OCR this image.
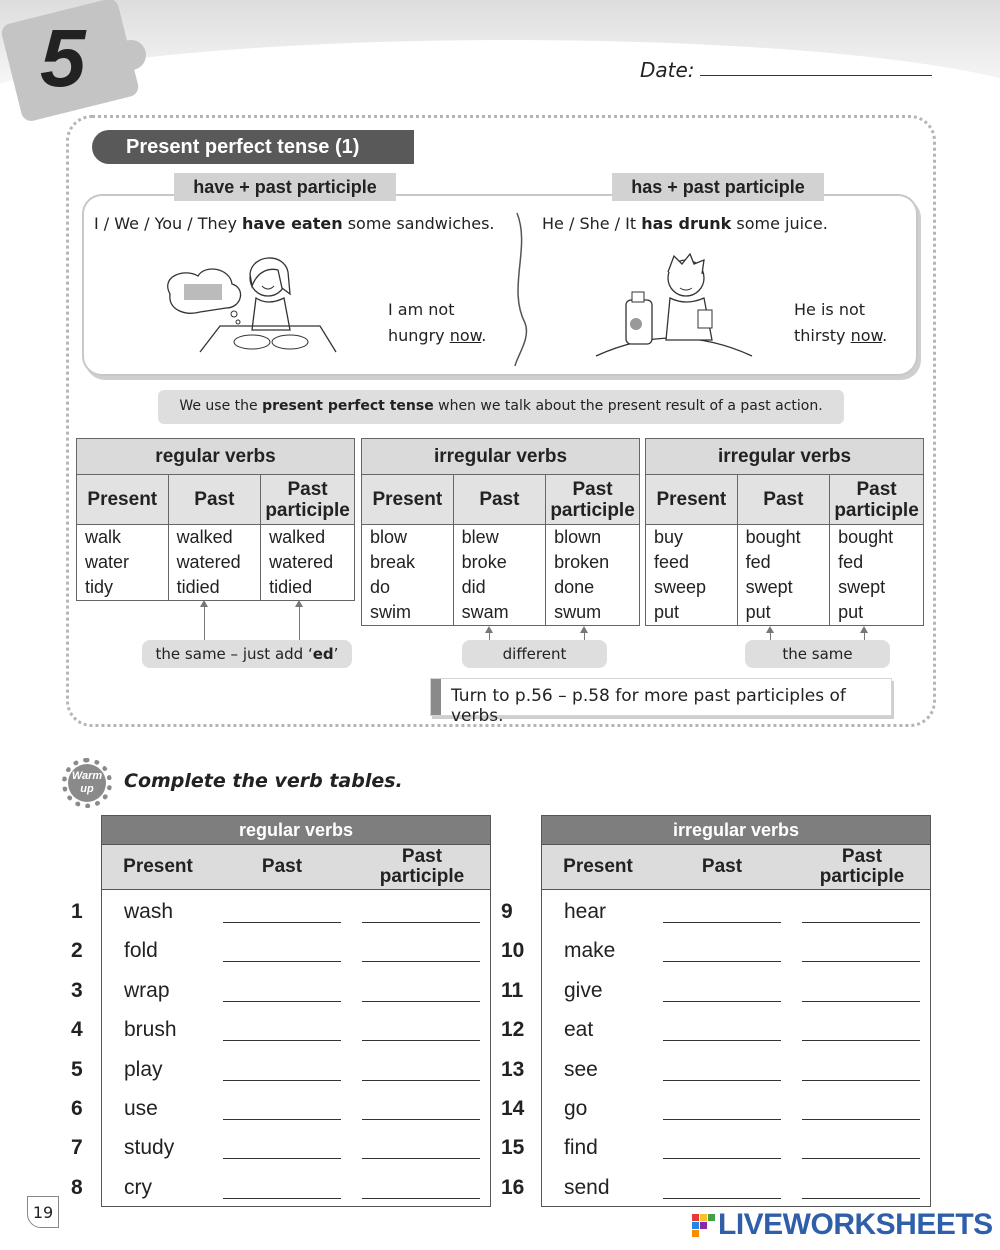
5	Date:
Present perfect tense (1)
have + past participle	has + past participle
I / We / You / They have eaten some sandwiches.	He / She / It has drunk some juice.
I am not
hungry now.
He is not
thirsty now.
We use the present perfect tense when we talk about the present result of a past action.
regular verbs		
Present	Past	Past participle
walk	walked	walked
water	watered	watered
tidy	tidied	tidied
irregular verbs		
Present	Past	Past participle
blow	blew	blown
break	broke	broken
do	did	done
swim	swam	swum
irregular verbs		
Present	Past	Past participle
buy	bought	bought
feed	fed	fed
sweep	swept	swept
put	put	put
the same – just add ‘ed’	different	the same
Turn to p.56 – p.58 for more past participles of verbs.
Warm up	Complete the verb tables.
regular verbs
Present	Past	Past
participle
irregular verbs
Present	Past	Past
participle
1	wash
2	fold
3	wrap
4	brush
5	play
6	use
7	study
8	cry
9	hear
10	make
11	give
12	eat
13	see
14	go
15	find
16	send
19	LIVEWORKSHEETS
